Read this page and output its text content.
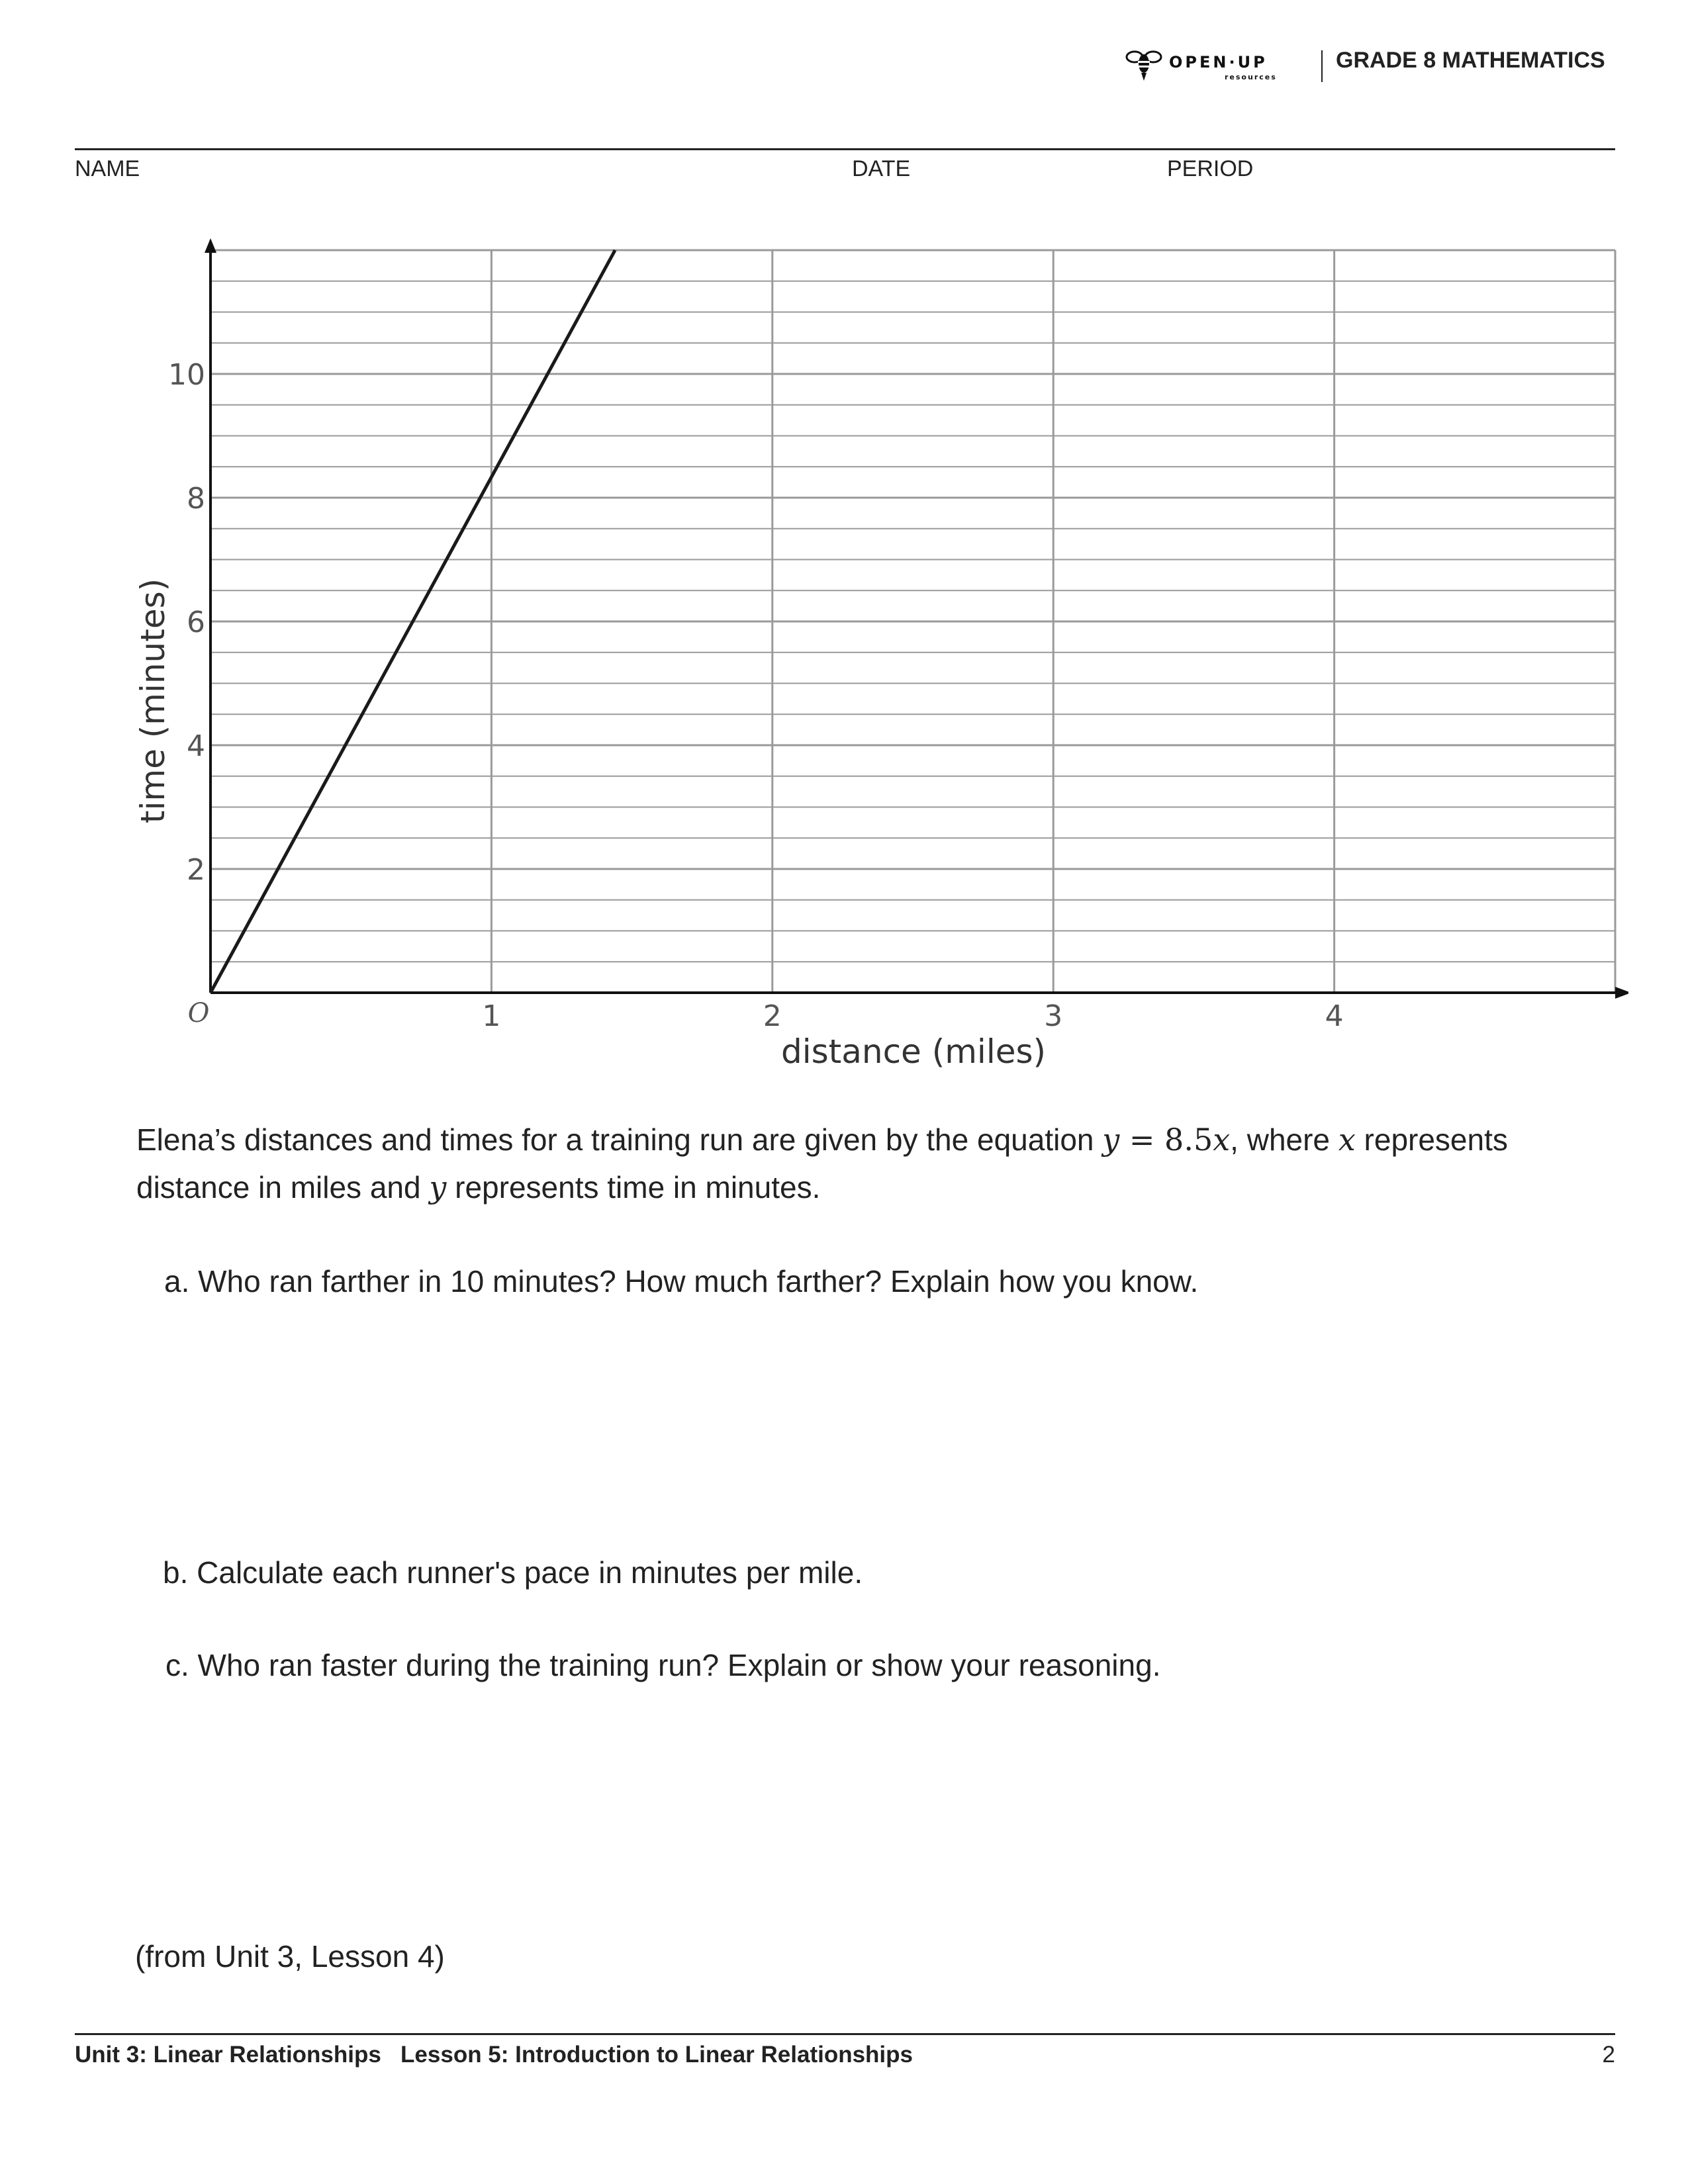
OPEN·UP
resources
GRADE 8 MATHEMATICS
NAME	DATE	PERIOD
1	2	3	4
2
4
6
8
10
O
distance (miles)
time (minutes)
Elena’s distances and times for a training run are given by the equation y = 8.5x, where x represents
distance in miles and y represents time in minutes.
a. Who ran farther in 10 minutes? How much farther? Explain how you know.
b. Calculate each runner's pace in minutes per mile.
c. Who ran faster during the training run? Explain or show your reasoning.
(from Unit 3, Lesson 4)
Unit 3: Linear Relationships Lesson 5: Introduction to Linear Relationships	2
